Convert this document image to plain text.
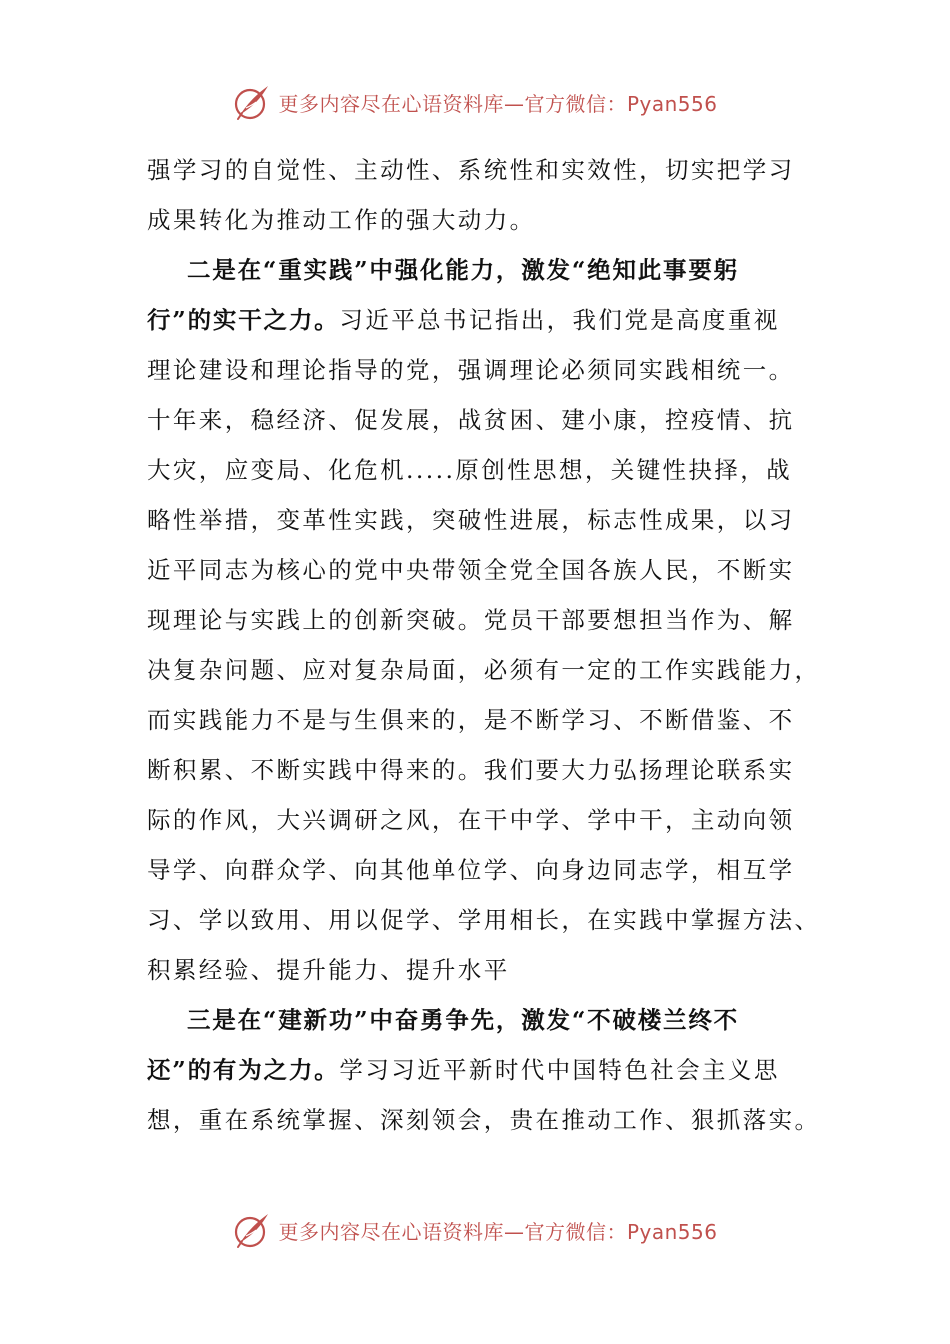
更多内容尽在心语资料库—官方微信：Pyan556
强学习的自觉性、主动性、系统性和实效性，切实把学习
成果转化为推动工作的强大动力。
二是在“重实践”中强化能力，激发“绝知此事要躬
行”的实干之力。习近平总书记指出，我们党是高度重视
理论建设和理论指导的党，强调理论必须同实践相统一。
十年来，稳经济、促发展，战贫困、建小康，控疫情、抗
大灾，应变局、化危机.....原创性思想，关键性抉择，战
略性举措，变革性实践，突破性进展，标志性成果，以习
近平同志为核心的党中央带领全党全国各族人民，不断实
现理论与实践上的创新突破。党员干部要想担当作为、解
决复杂问题、应对复杂局面，必须有一定的工作实践能力，
而实践能力不是与生俱来的，是不断学习、不断借鉴、不
断积累、不断实践中得来的。我们要大力弘扬理论联系实
际的作风，大兴调研之风，在干中学、学中干，主动向领
导学、向群众学、向其他单位学、向身边同志学，相互学
习、学以致用、用以促学、学用相长，在实践中掌握方法、
积累经验、提升能力、提升水平
三是在“建新功”中奋勇争先，激发“不破楼兰终不
还”的有为之力。学习习近平新时代中国特色社会主义思
想，重在系统掌握、深刻领会，贵在推动工作、狠抓落实。
更多内容尽在心语资料库—官方微信：Pyan556
